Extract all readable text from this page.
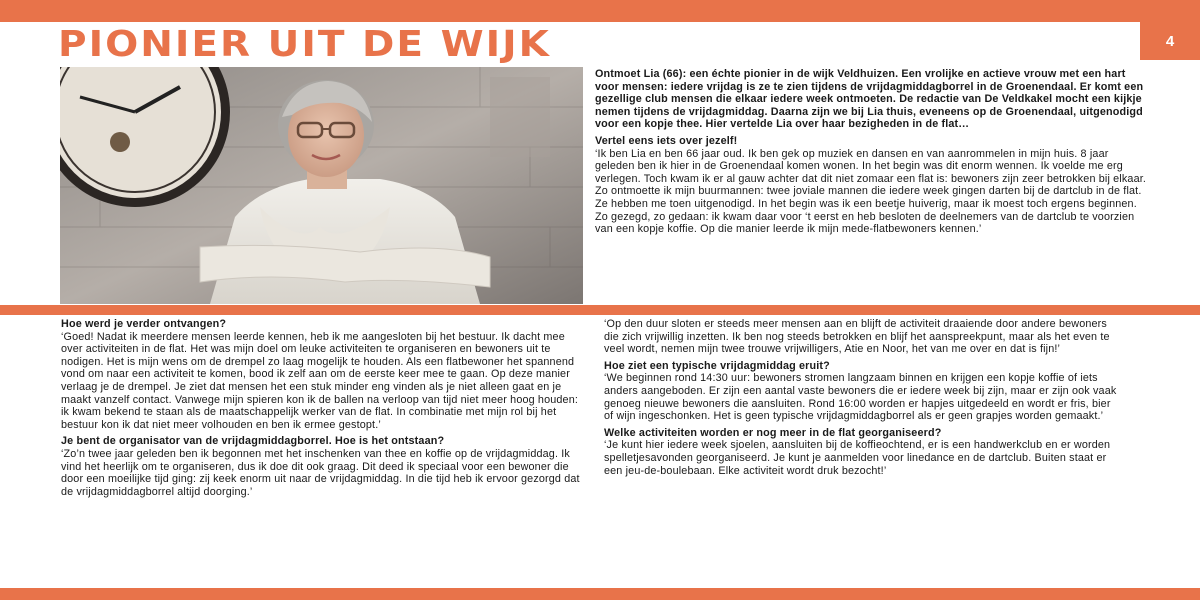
4
PIONIER UIT DE WIJK

Ontmoet Lia (66): een échte pionier in de wijk Veldhuizen. Een vrolijke en actieve vrouw met een hart voor mensen: iedere vrijdag is ze te zien tijdens de vrijdagmiddagborrel in de Groenendaal. Er komt een gezellige club mensen die elkaar iedere week ontmoeten. De redactie van De Veldkakel mocht een kijkje nemen tijdens de vrijdagmiddag. Daarna zijn we bij Lia thuis, eveneens op de Groenendaal, uitgenodigd voor een kopje thee. Hier vertelde Lia over haar bezigheden in de flat…

Vertel eens iets over jezelf!

‘Ik ben Lia en ben 66 jaar oud. Ik ben gek op muziek en dansen en van aanrommelen in mijn huis. 8 jaar geleden ben ik hier in de Groenendaal komen wonen. In het begin was dit enorm wennen. Ik voelde me erg verlegen. Toch kwam ik er al gauw achter dat dit niet zomaar een flat is: bewoners zijn zeer betrokken bij elkaar. Zo ontmoette ik mijn buurmannen: twee joviale mannen die iedere week gingen darten bij de dartclub in de flat. Ze hebben me toen uitgenodigd. In het begin was ik een beetje huiverig, maar ik moest toch ergens beginnen. Zo gezegd, zo gedaan: ik kwam daar voor ‘t eerst en heb besloten de deelnemers van de dartclub te voorzien van een kopje koffie. Op die manier leerde ik mijn mede-flatbewoners kennen.’

Hoe werd je verder ontvangen?

‘Goed! Nadat ik meerdere mensen leerde kennen, heb ik me aangesloten bij het bestuur. Ik dacht mee over activiteiten in de flat. Het was mijn doel om leuke activiteiten te organiseren en bewoners uit te nodigen. Het is mijn wens om de drempel zo laag mogelijk te houden. Als een flatbewoner het spannend vond om naar een activiteit te komen, bood ik zelf aan om de eerste keer mee te gaan. Op deze manier verlaag je de drempel. Je ziet dat mensen het een stuk minder eng vinden als je niet alleen gaat en je maakt vanzelf contact. Vanwege mijn spieren kon ik de ballen na verloop van tijd niet meer hoog houden: ik kwam bekend te staan als de maatschappelijk werker van de flat. In combinatie met mijn rol bij het bestuur kon ik dat niet meer volhouden en ben ik ermee gestopt.’

Je bent de organisator van de vrijdagmiddagborrel. Hoe is het ontstaan?

‘Zo’n twee jaar geleden ben ik begonnen met het inschenken van thee en koffie op de vrijdagmiddag. Ik vind het heerlijk om te organiseren, dus ik doe dit ook graag. Dit deed ik speciaal voor een bewoner die door een moeilijke tijd ging: zij keek enorm uit naar de vrijdagmiddag. In die tijd heb ik ervoor gezorgd dat de vrijdagmiddagborrel altijd doorging.’

‘Op den duur sloten er steeds meer mensen aan en blijft de activiteit draaiende door andere bewoners die zich vrijwillig inzetten. Ik ben nog steeds betrokken en blijf het aanspreekpunt, maar als het even te veel wordt, nemen mijn twee trouwe vrijwilligers, Atie en Noor, het van me over en dat is fijn!’

Hoe ziet een typische vrijdagmiddag eruit?

‘We beginnen rond 14:30 uur: bewoners stromen langzaam binnen en krijgen een kopje koffie of iets anders aangeboden. Er zijn een aantal vaste bewoners die er iedere week bij zijn, maar er zijn ook vaak genoeg nieuwe bewoners die aansluiten. Rond 16:00 worden er hapjes uitgedeeld en wordt er fris, bier of wijn ingeschonken. Het is geen typische vrijdagmiddagborrel als er geen grapjes worden gemaakt.’

Welke activiteiten worden er nog meer in de flat georganiseerd?

‘Je kunt hier iedere week sjoelen, aansluiten bij de koffieochtend, er is een handwerkclub en er worden spelletjesavonden georganiseerd. Je kunt je aanmelden voor linedance en de dartclub. Buiten staat er een jeu-de-boulebaan. Elke activiteit wordt druk bezocht!’
